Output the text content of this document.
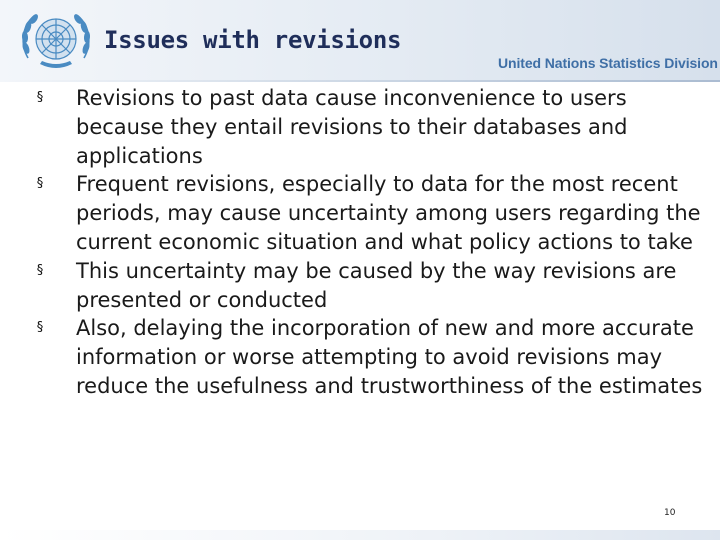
Issues with revisions
United Nations Statistics Division
§ Revisions to past data cause inconvenience to users because they entail revisions to their databases and applications
§ Frequent revisions, especially to data for the most recent periods, may cause uncertainty among users regarding the current economic situation and what policy actions to take
§ This uncertainty may be caused by the way revisions are presented or conducted
§ Also, delaying the incorporation of new and more accurate information or worse attempting to avoid revisions may reduce the usefulness and trustworthiness of the estimates
10
